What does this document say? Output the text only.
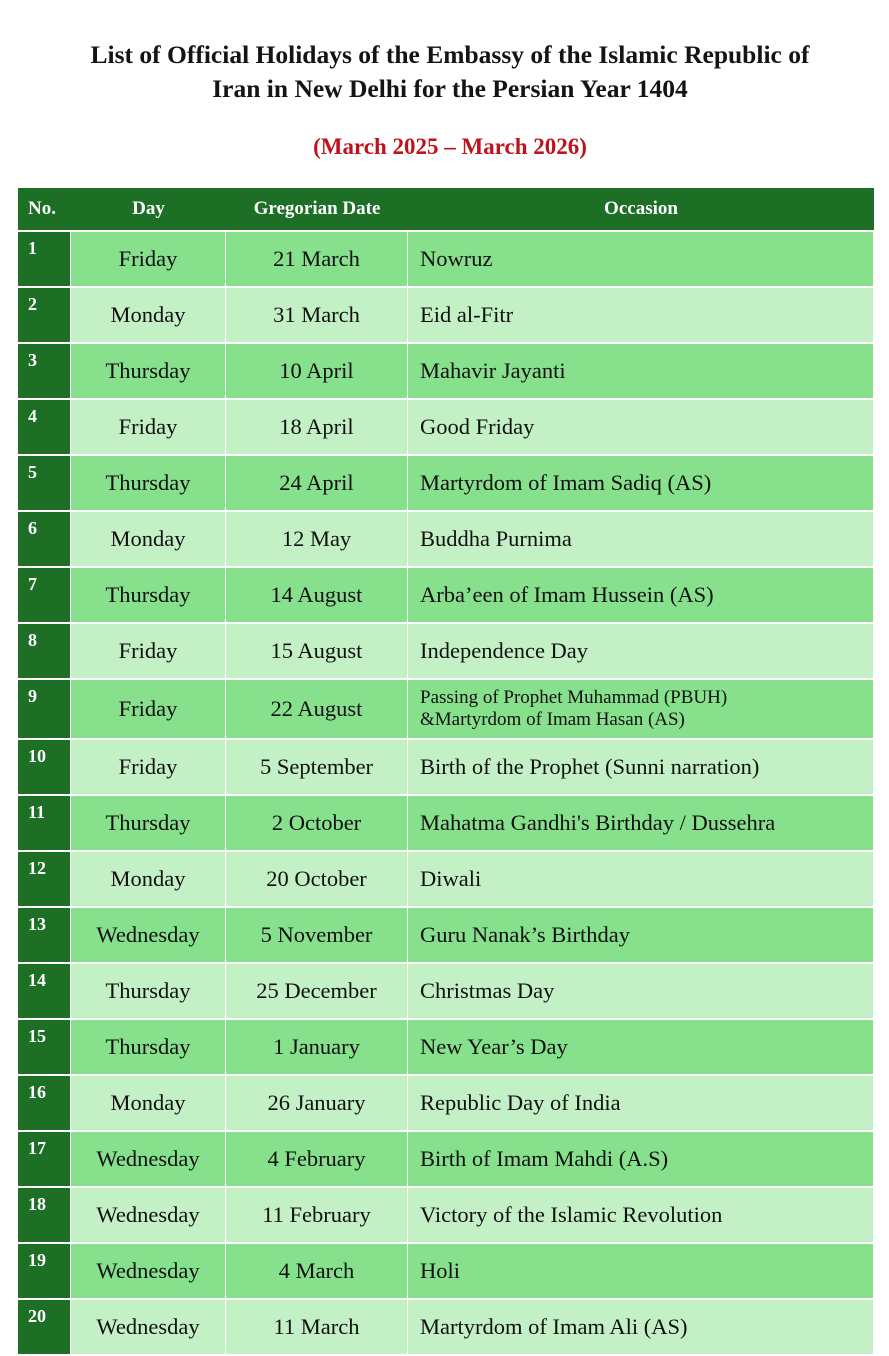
List of Official Holidays of the Embassy of the Islamic Republic of
Iran in New Delhi for the Persian Year 1404
(March 2025 – March 2026)
No.	Day	Gregorian Date	Occasion
1	Friday	21 March	Nowruz
2	Monday	31 March	Eid al-Fitr
3	Thursday	10 April	Mahavir Jayanti
4	Friday	18 April	Good Friday
5	Thursday	24 April	Martyrdom of Imam Sadiq (AS)
6	Monday	12 May	Buddha Purnima
7	Thursday	14 August	Arba’een of Imam Hussein (AS)
8	Friday	15 August	Independence Day
9	Friday	22 August	Passing of Prophet Muhammad (PBUH)
&Martyrdom of Imam Hasan (AS)

10	Friday	5 September	Birth of the Prophet (Sunni narration)
11	Thursday	2 October	Mahatma Gandhi's Birthday / Dussehra
12	Monday	20 October	Diwali
13	Wednesday	5 November	Guru Nanak’s Birthday
14	Thursday	25 December	Christmas Day
15	Thursday	1 January	New Year’s Day
16	Monday	26 January	Republic Day of India
17	Wednesday	4 February	Birth of Imam Mahdi (A.S)
18	Wednesday	11 February	Victory of the Islamic Revolution
19	Wednesday	4 March	Holi
20	Wednesday	11 March	Martyrdom of Imam Ali (AS)
